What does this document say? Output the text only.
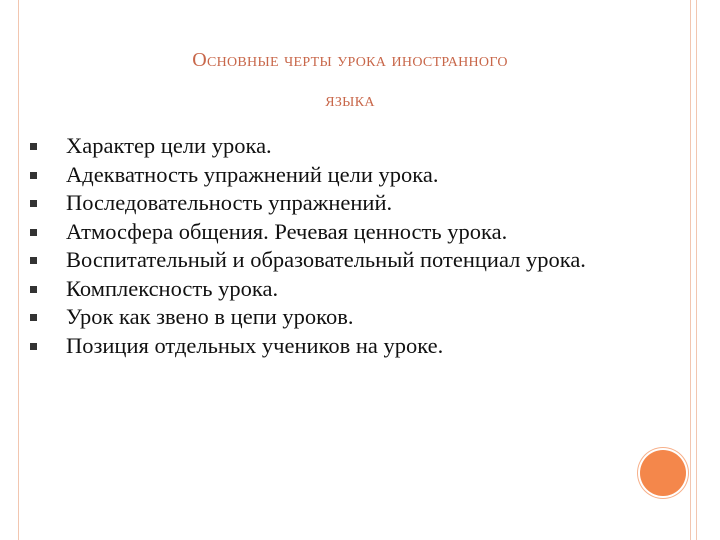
Основные черты урока иностранного
языка
Характер цели урока.
Адекватность упражнений цели урока.
Последовательность упражнений.
Атмосфера общения. Речевая ценность урока.
Воспитательный и образовательный потенциал урока.
Комплексность урока.
Урок как звено в цепи уроков.
Позиция отдельных учеников на уроке.
